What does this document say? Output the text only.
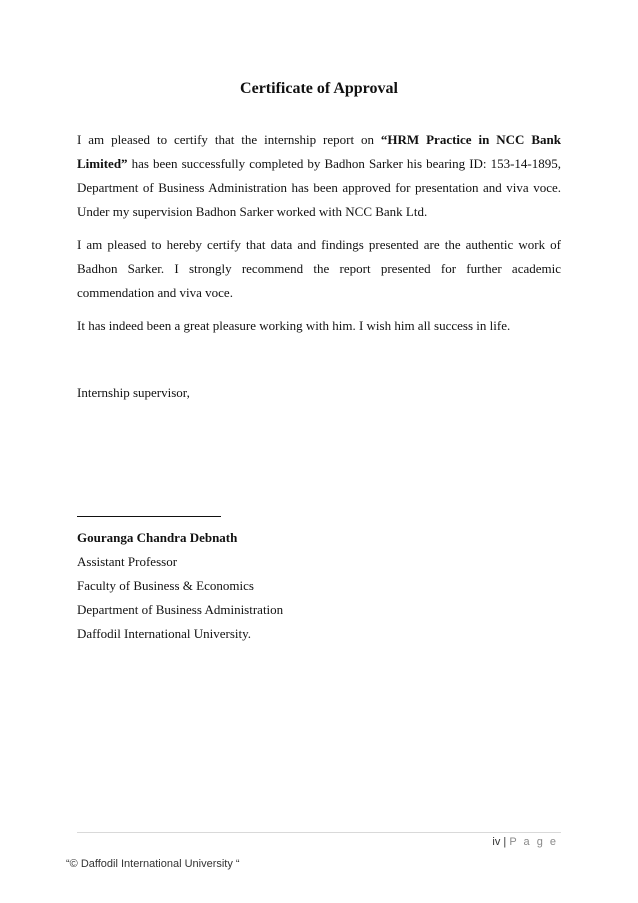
Certificate of Approval

I am pleased to certify that the internship report on “HRM Practice in NCC Bank Limited” has been successfully completed by Badhon Sarker his bearing ID: 153-14-1895, Department of Business Administration has been approved for presentation and viva voce. Under my supervision Badhon Sarker worked with NCC Bank Ltd.

I am pleased to hereby certify that data and findings presented are the authentic work of Badhon Sarker. I strongly recommend the report presented for further academic commendation and viva voce.

It has indeed been a great pleasure working with him. I wish him all success in life.

Internship supervisor,

Gouranga Chandra Debnath
Assistant Professor
Faculty of Business & Economics
Department of Business Administration
Daffodil International University.
iv | P a g e
“© Daffodil International University “
